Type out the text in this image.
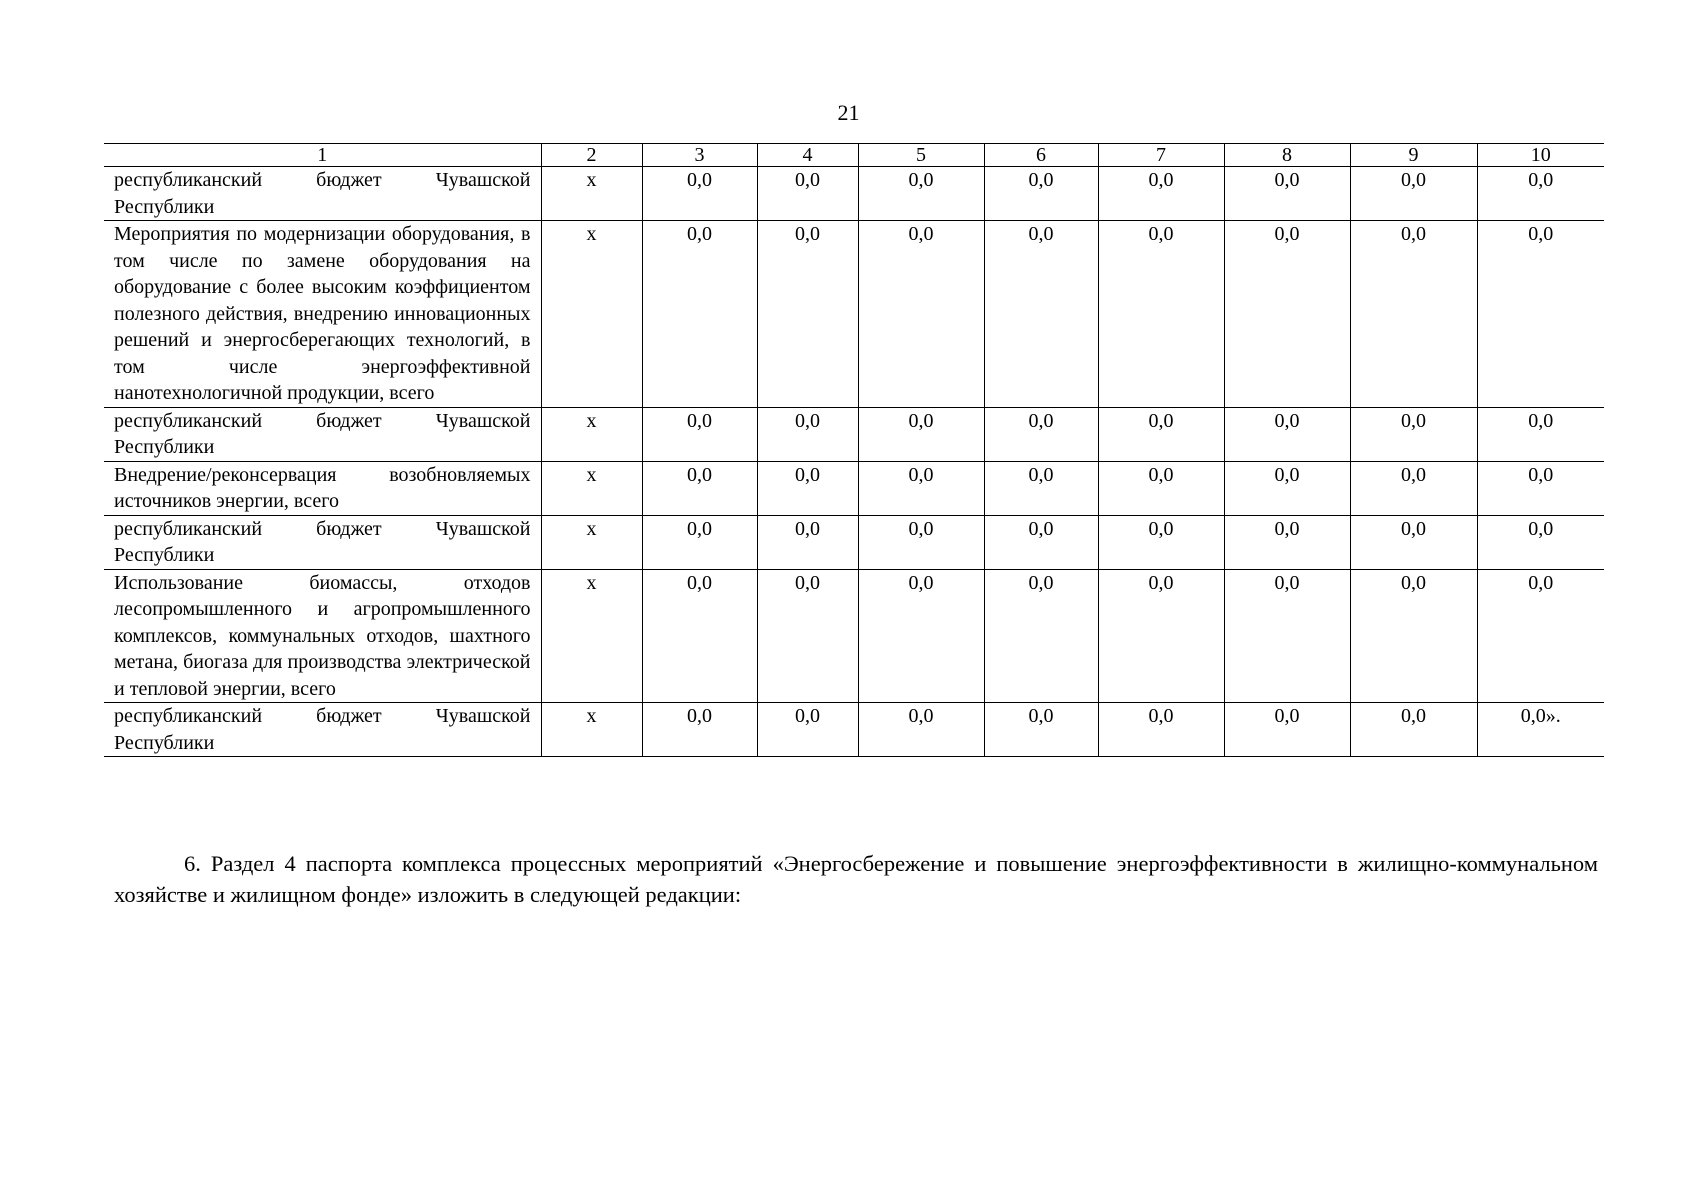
21
1	2	3	4	5	6	7	8	9	10
республиканский бюджет Чувашской Республики	x	0,0	0,0	0,0	0,0	0,0	0,0	0,0	0,0
Мероприятия по модернизации оборудования, в том числе по замене оборудования на оборудование с более высоким коэффициентом полезного действия, внедрению инновационных решений и энергосберегающих технологий, в том числе энергоэффективной нанотехнологичной продукции, всего	x	0,0	0,0	0,0	0,0	0,0	0,0	0,0	0,0
республиканский бюджет Чувашской Республики	x	0,0	0,0	0,0	0,0	0,0	0,0	0,0	0,0
Внедрение/реконсервация возобновляемых источников энергии, всего	x	0,0	0,0	0,0	0,0	0,0	0,0	0,0	0,0
республиканский бюджет Чувашской Республики	x	0,0	0,0	0,0	0,0	0,0	0,0	0,0	0,0
Использование биомассы, отходов лесопромышленного и агропромышленного комплексов, коммунальных отходов, шахтного метана, биогаза для производства электрической и тепловой энергии, всего	x	0,0	0,0	0,0	0,0	0,0	0,0	0,0	0,0
республиканский бюджет Чувашской Республики	x	0,0	0,0	0,0	0,0	0,0	0,0	0,0	0,0».
6. Раздел 4 паспорта комплекса процессных мероприятий «Энергосбережение и повышение энергоэффективности в жилищно-коммунальном хозяйстве и жилищном фонде» изложить в следующей редакции:
